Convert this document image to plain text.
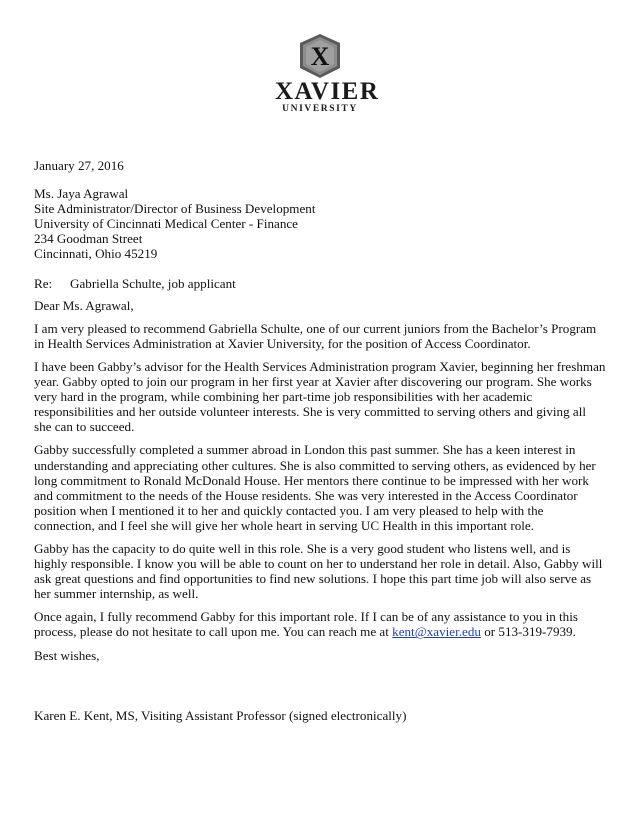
X
XAVIER
UNIVERSITY

January 27, 2016

Ms. Jaya Agrawal

Site Administrator/Director of Business Development

University of Cincinnati Medical Center - Finance

234 Goodman Street

Cincinnati, Ohio 45219

Re: Gabriella Schulte, job applicant

Dear Ms. Agrawal,

I am very pleased to recommend Gabriella Schulte, one of our current juniors from the Bachelor’s Program in Health Services Administration at Xavier University, for the position of Access Coordinator.

I have been Gabby’s advisor for the Health Services Administration program Xavier, beginning her freshman year. Gabby opted to join our program in her first year at Xavier after discovering our program. She works very hard in the program, while combining her part-time job responsibilities with her academic responsibilities and her outside volunteer interests. She is very committed to serving others and giving all she can to succeed.

Gabby successfully completed a summer abroad in London this past summer. She has a keen interest in understanding and appreciating other cultures. She is also committed to serving others, as evidenced by her long commitment to Ronald McDonald House. Her mentors there continue to be impressed with her work and commitment to the needs of the House residents. She was very interested in the Access Coordinator position when I mentioned it to her and quickly contacted you. I am very pleased to help with the connection, and I feel she will give her whole heart in serving UC Health in this important role.

Gabby has the capacity to do quite well in this role. She is a very good student who listens well, and is highly responsible. I know you will be able to count on her to understand her role in detail. Also, Gabby will ask great questions and find opportunities to find new solutions. I hope this part time job will also serve as her summer internship, as well.

Once again, I fully recommend Gabby for this important role. If I can be of any assistance to you in this process, please do not hesitate to call upon me. You can reach me at kent@xavier.edu or 513-319-7939.

Best wishes,

Karen E. Kent, MS, Visiting Assistant Professor (signed electronically)
